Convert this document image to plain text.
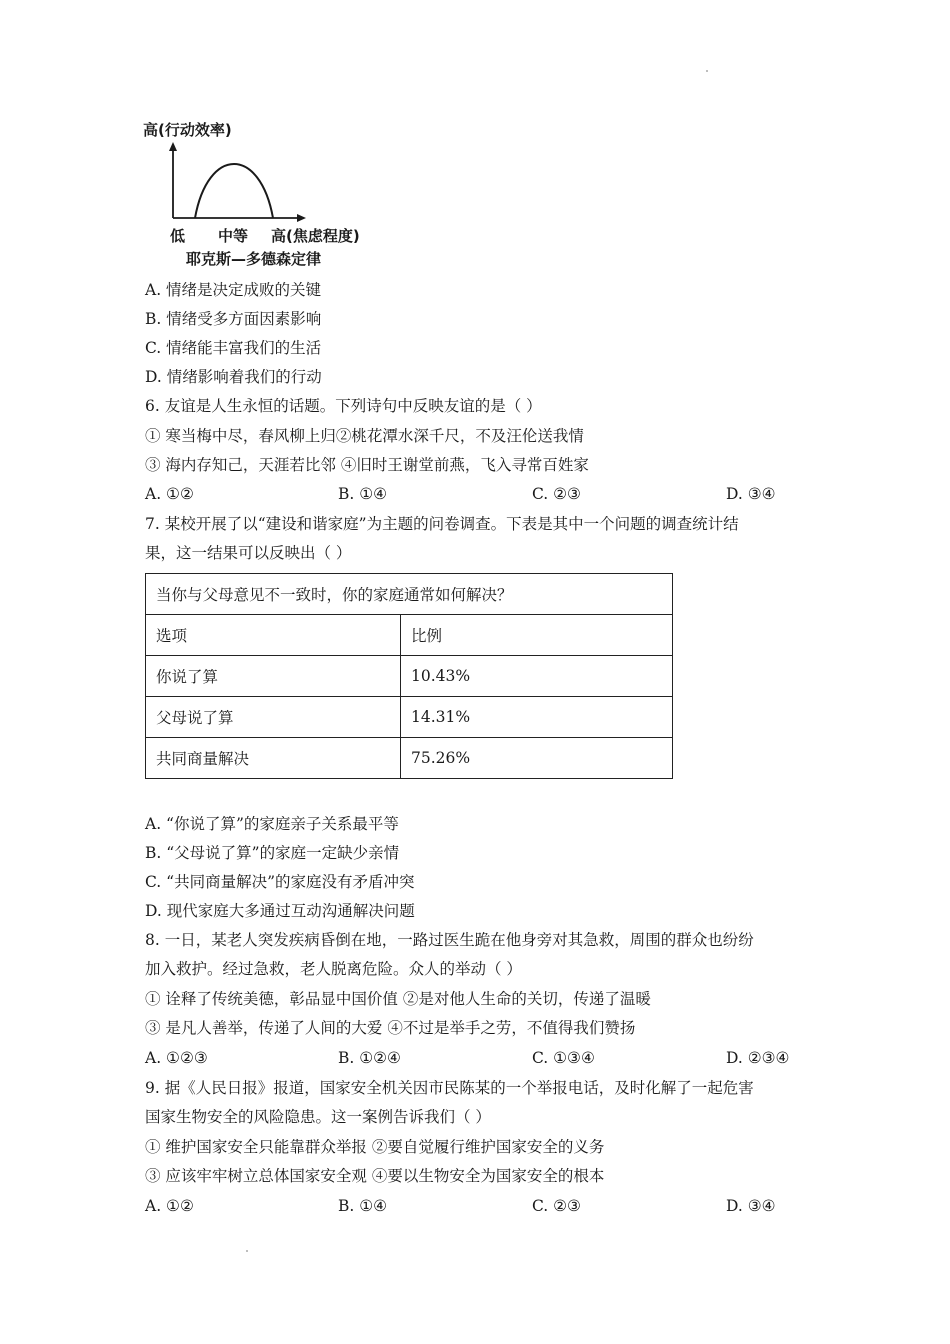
高(行动效率)
低 中等 高(焦虑程度)
耶克斯—多德森定律
A. 情绪是决定成败的关键
B. 情绪受多方面因素影响
C. 情绪能丰富我们的生活
D. 情绪影响着我们的行动
6. 友谊是人生永恒的话题。下列诗句中反映友谊的是（ ）
① 寒当梅中尽，春风柳上归②桃花潭水深千尺，不及汪伦送我情
③ 海内存知己，天涯若比邻 ④旧时王谢堂前燕，飞入寻常百姓家
A. ①②	B. ①④	C. ②③	D. ③④
7. 某校开展了以“建设和谐家庭”为主题的问卷调查。下表是其中一个问题的调查统计结
果，这一结果可以反映出（ ）
当你与父母意见不一致时，你的家庭通常如何解决？	
选项	比例
你说了算	10.43%
父母说了算	14.31%
共同商量解决	75.26%
A. “你说了算”的家庭亲子关系最平等
B. “父母说了算”的家庭一定缺少亲情
C. “共同商量解决”的家庭没有矛盾冲突
D. 现代家庭大多通过互动沟通解决问题
8. 一日，某老人突发疾病昏倒在地，一路过医生跪在他身旁对其急救，周围的群众也纷纷
加入救护。经过急救，老人脱离危险。众人的举动（ ）
① 诠释了传统美德，彰品显中国价值 ②是对他人生命的关切，传递了温暖
③ 是凡人善举，传递了人间的大爱 ④不过是举手之劳，不值得我们赞扬
A. ①②③	B. ①②④	C. ①③④	D. ②③④
9. 据《人民日报》报道，国家安全机关因市民陈某的一个举报电话，及时化解了一起危害
国家生物安全的风险隐患。这一案例告诉我们（ ）
① 维护国家安全只能靠群众举报 ②要自觉履行维护国家安全的义务
③ 应该牢牢树立总体国家安全观 ④要以生物安全为国家安全的根本
A. ①②	B. ①④	C. ②③	D. ③④
